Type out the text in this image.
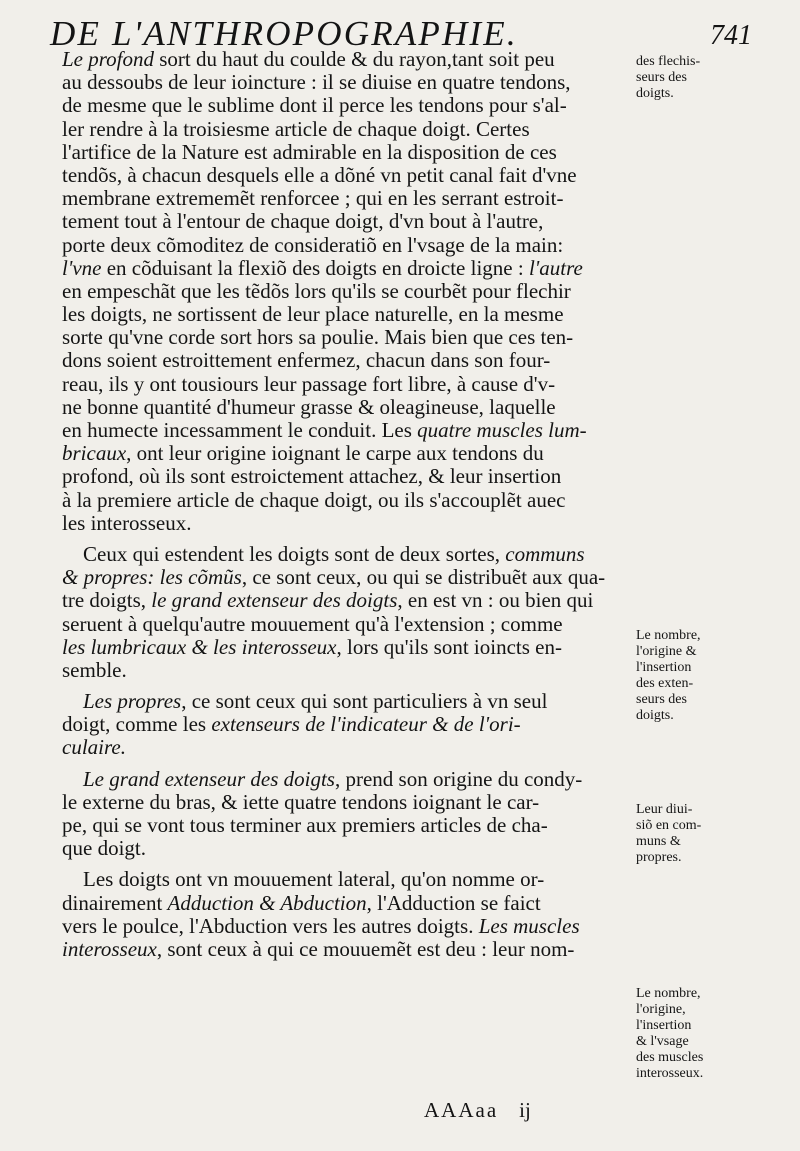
DE L'ANTHROPOGRAPHIE.	741
Le profond sort du haut du coulde & du rayon,tant soit peu
au dessoubs de leur ioincture : il se diuise en quatre tendons,
de mesme que le sublime dont il perce les tendons pour s'al-
ler rendre à la troisiesme article de chaque doigt. Certes
l'artifice de la Nature est admirable en la disposition de ces
tendõs, à chacun desquels elle a dõné vn petit canal fait d'vne
membrane extrememẽt renforcee ; qui en les serrant estroit-
tement tout à l'entour de chaque doigt, d'vn bout à l'autre,
porte deux cõmoditez de consideratiõ en l'vsage de la main:
l'vne en cõduisant la flexiõ des doigts en droicte ligne : l'autre
en empeschãt que les tẽdõs lors qu'ils se courbẽt pour flechir
les doigts, ne sortissent de leur place naturelle, en la mesme
sorte qu'vne corde sort hors sa poulie. Mais bien que ces ten-
dons soient estroittement enfermez, chacun dans son four-
reau, ils y ont tousiours leur passage fort libre, à cause d'v-
ne bonne quantité d'humeur grasse & oleagineuse, laquelle
en humecte incessamment le conduit. Les quatre muscles lum-
bricaux, ont leur origine ioignant le carpe aux tendons du
profond, où ils sont estroictement attachez, & leur insertion
à la premiere article de chaque doigt, ou ils s'accouplẽt auec
les interosseux.
Ceux qui estendent les doigts sont de deux sortes, communs
& propres: les cõmũs, ce sont ceux, ou qui se distribuẽt aux qua-
tre doigts, le grand extenseur des doigts, en est vn : ou bien qui
seruent à quelqu'autre mouuement qu'à l'extension ; comme
les lumbricaux & les interosseux, lors qu'ils sont ioincts en-
semble.
Les propres, ce sont ceux qui sont particuliers à vn seul
doigt, comme les extenseurs de l'indicateur & de l'ori-
culaire.
Le grand extenseur des doigts, prend son origine du condy-
le externe du bras, & iette quatre tendons ioignant le car-
pe, qui se vont tous terminer aux premiers articles de cha-
que doigt.
Les doigts ont vn mouuement lateral, qu'on nomme or-
dinairement Adduction & Abduction, l'Adduction se faict
vers le poulce, l'Abduction vers les autres doigts. Les muscles
interosseux, sont ceux à qui ce mouuemẽt est deu : leur nom-
des flechis-
seurs des
doigts.
Le nombre,
l'origine &
l'insertion
des exten-
seurs des
doigts.
Leur diui-
siõ en com-
muns &
propres.
Le nombre,
l'origine,
l'insertion
& l'vsage
des muscles
interosseux.
AAAaa ij
